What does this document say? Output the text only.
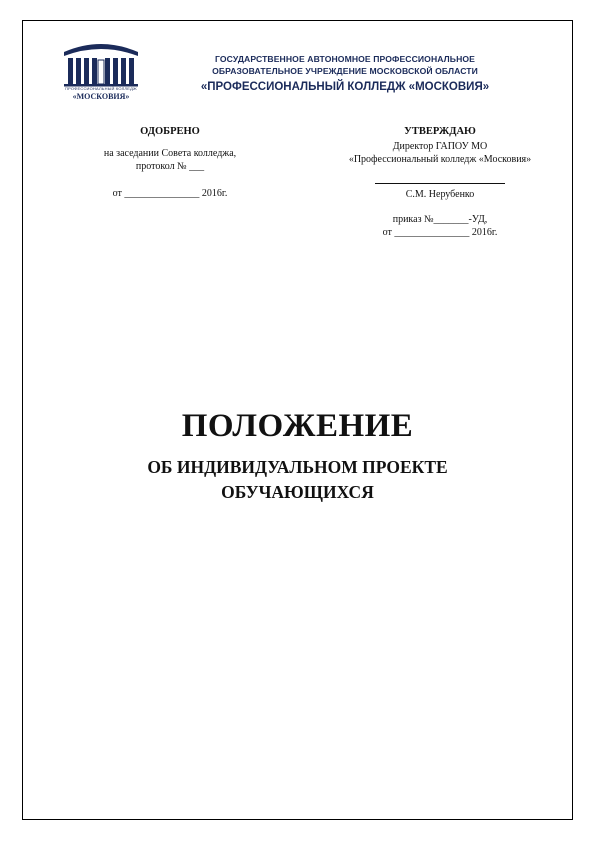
ПРОФЕССИОНАЛЬНЫЙ КОЛЛЕДЖ
«МОСКОВИЯ»
ГОСУДАРСТВЕННОЕ АВТОНОМНОЕ ПРОФЕССИОНАЛЬНОЕ
ОБРАЗОВАТЕЛЬНОЕ УЧРЕЖДЕНИЕ МОСКОВСКОЙ ОБЛАСТИ
«ПРОФЕССИОНАЛЬНЫЙ КОЛЛЕДЖ «МОСКОВИЯ»
ОДОБРЕНО
на заседании Совета колледжа,
протокол № ___
от _______________ 2016г.
УТВЕРЖДАЮ
Директор ГАПОУ МО
«Профессиональный колледж «Московия»
С.М. Нерубенко
приказ №_______-УД,
от _______________ 2016г.
ПОЛОЖЕНИЕ
ОБ ИНДИВИДУАЛЬНОМ ПРОЕКТЕ
ОБУЧАЮЩИХСЯ
